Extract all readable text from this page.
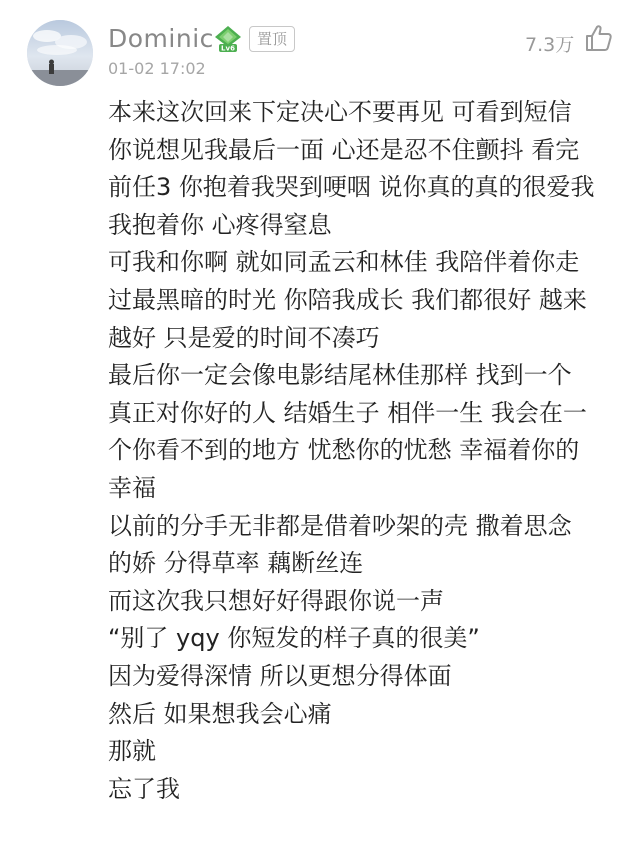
Dominic Lv6
置顶
01-02 17:02
7.3万
本来这次回来下定决心不要再见 可看到短信
你说想见我最后一面 心还是忍不住颤抖 看完
前任3 你抱着我哭到哽咽 说你真的真的很爱我
我抱着你 心疼得窒息
可我和你啊 就如同孟云和林佳 我陪伴着你走
过最黑暗的时光 你陪我成长 我们都很好 越来
越好 只是爱的时间不凑巧
最后你一定会像电影结尾林佳那样 找到一个
真正对你好的人 结婚生子 相伴一生 我会在一
个你看不到的地方 忧愁你的忧愁 幸福着你的
幸福
以前的分手无非都是借着吵架的壳 撒着思念
的娇 分得草率 藕断丝连
而这次我只想好好得跟你说一声
“别了 yqy 你短发的样子真的很美”
因为爱得深情 所以更想分得体面
然后 如果想我会心痛
那就
忘了我
